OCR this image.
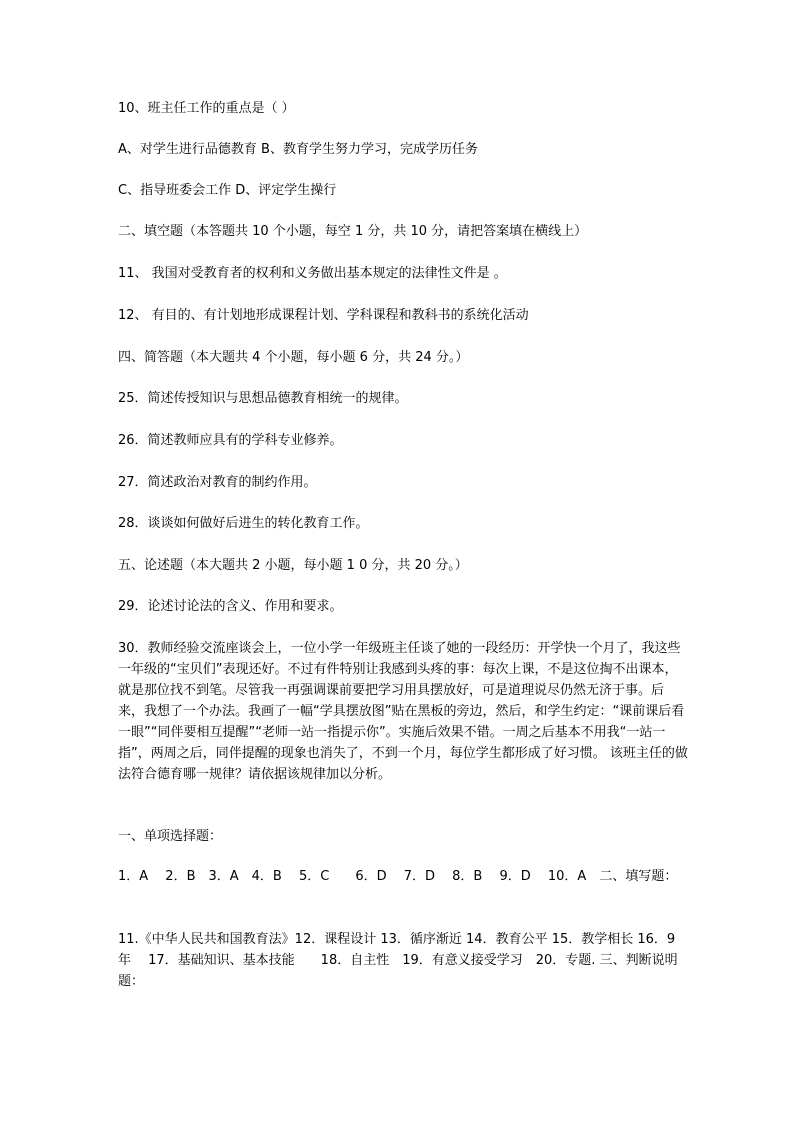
10、班主任工作的重点是（ ）

A、对学生进行品德教育 B、教育学生努力学习，完成学历任务

C、指导班委会工作 D、评定学生操行

二、填空题（本答题共 10 个小题，每空 1 分，共 10 分，请把答案填在横线上）

11、 我国对受教育者的权利和义务做出基本规定的法律性文件是 。

12、 有目的、有计划地形成课程计划、学科课程和教科书的系统化活动

四、简答题（本大题共 4 个小题，每小题 6 分，共 24 分。）

25．简述传授知识与思想品德教育相统一的规律。

26．简述教师应具有的学科专业修养。

27．简述政治对教育的制约作用。

28．谈谈如何做好后进生的转化教育工作。

五、论述题（本大题共 2 小题，每小题 1 0 分，共 20 分。）

29．论述讨论法的含义、作用和要求。

30．教师经验交流座谈会上，一位小学一年级班主任谈了她的一段经历：开学快一个月了，我这些一年级的“宝贝们”表现还好。不过有件特别让我感到头疼的事：每次上课，不是这位掏不出课本，就是那位找不到笔。尽管我一再强调课前要把学习用具摆放好，可是道理说尽仍然无济于事。后来，我想了一个办法。我画了一幅“学具摆放图”贴在黑板的旁边，然后，和学生约定：“课前课后看一眼”“同伴要相互提醒”“老师一站一指提示你”。实施后效果不错。一周之后基本不用我“一站一指”，两周之后，同伴提醒的现象也消失了，不到一个月，每位学生都形成了好习惯。 该班主任的做法符合德育哪一规律？请依据该规律加以分析。

一、单项选择题：

1．A　 2．B　3．A　4．B　 5．C　　6．D　 7．D　 8．B　 9．D　 10．A　二、填写题：

11.《中华人民共和国教育法》12．课程设计 13．循序渐近 14．教育公平 15．教学相长 16．9年　 17．基础知识、基本技能　　18．自主性　19．有意义接受学习　20．专题. 三、判断说明题：
